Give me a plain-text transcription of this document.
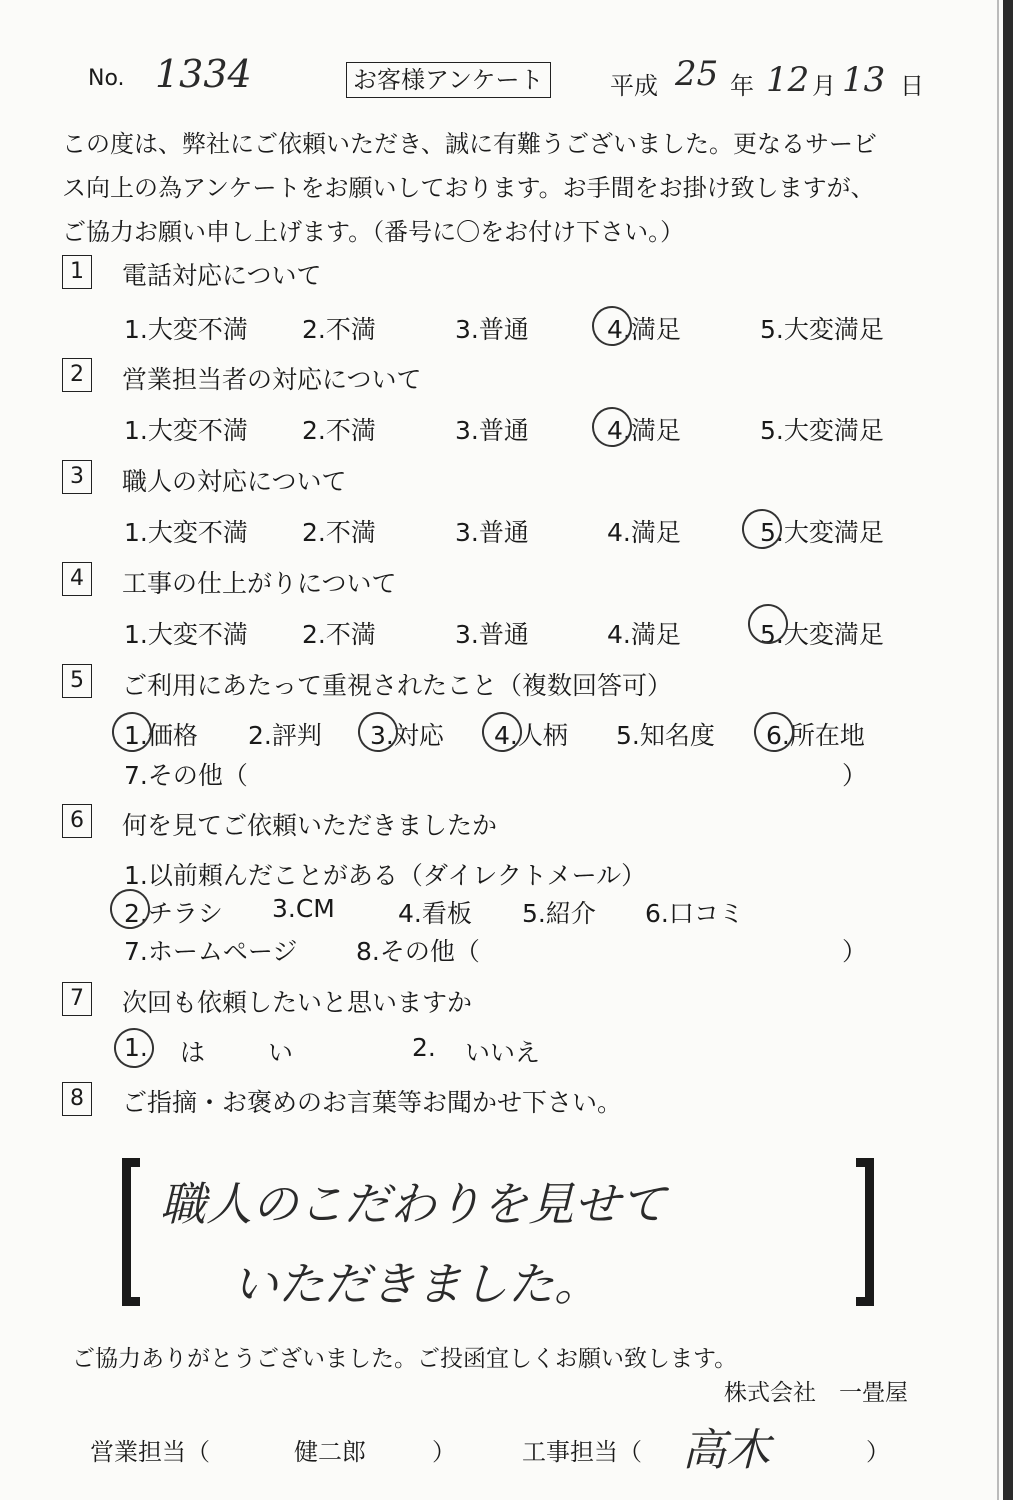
No. 1334	お客様アンケート	平成 25 年 12 月 13 日
この度は、弊社にご依頼いただき、誠に有難うございました。更なるサービ
ス向上の為アンケートをお願いしております。お手間をお掛け致しますが、
ご協力お願い申し上げます。（番号に〇をお付け下さい。）
1	電話対応について
1.大変不満 2.不満	3.普通	4.満足	5.大変満足
2	営業担当者の対応について
1.大変不満 2.不満	3.普通	4.満足	5.大変満足
3	職人の対応について
1.大変不満 2.不満	3.普通	4.満足	5.大変満足
4	工事の仕上がりについて
1.大変不満 2.不満	3.普通	4.満足	5.大変満足
5	ご利用にあたって重視されたこと（複数回答可）
1.価格 2.評判 3.対応 4.人柄 5.知名度 6.所在地
7.その他（	）
6	何を見てご依頼いただきましたか
1.以前頼んだことがある（ダイレクトメール）
2.チラシ 3.CM	4.看板 5.紹介 6.口コミ
7.ホームページ 8.その他（	）
7	次回も依頼したいと思いますか
1. は	い	2. いいえ
8	ご指摘・お褒めのお言葉等お聞かせ下さい。
職人のこだわりを見せて
いただきました。
ご協力ありがとうございました。ご投函宜しくお願い致します。
株式会社　一畳屋
営業担当（	健二郎	）	工事担当（ 高木	）
